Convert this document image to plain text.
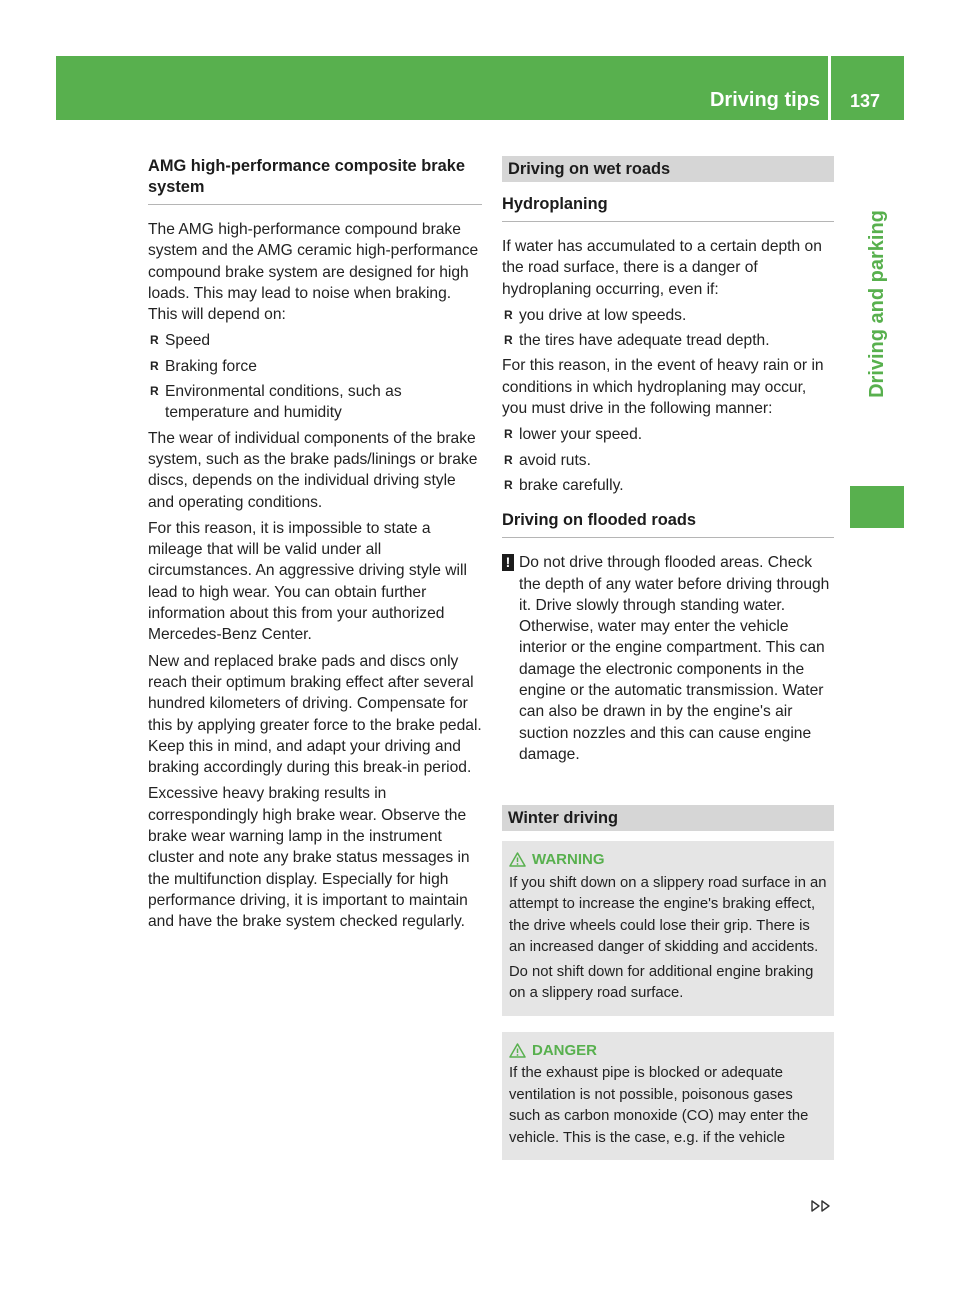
Driving tips 137
Driving and parking
AMG high-performance composite brake system

The AMG high-performance compound brake system and the AMG ceramic high-performance compound brake system are designed for high loads. This may lead to noise when braking. This will depend on:

R Speed
R Braking force
R Environmental conditions, such as temperature and humidity

The wear of individual components of the brake system, such as the brake pads/linings or brake discs, depends on the individual driving style and operating conditions.

For this reason, it is impossible to state a mileage that will be valid under all circumstances. An aggressive driving style will lead to high wear. You can obtain further information about this from your authorized Mercedes-Benz Center.

New and replaced brake pads and discs only reach their optimum braking effect after several hundred kilometers of driving. Compensate for this by applying greater force to the brake pedal. Keep this in mind, and adapt your driving and braking accordingly during this break-in period.

Excessive heavy braking results in correspondingly high brake wear. Observe the brake wear warning lamp in the instrument cluster and note any brake status messages in the multifunction display. Especially for high performance driving, it is important to maintain and have the brake system checked regularly.

Driving on wet roads
Hydroplaning

If water has accumulated to a certain depth on the road surface, there is a danger of hydroplaning occurring, even if:

R you drive at low speeds.
R the tires have adequate tread depth.

For this reason, in the event of heavy rain or in conditions in which hydroplaning may occur, you must drive in the following manner:

R lower your speed.
R avoid ruts.
R brake carefully.
Driving on flooded roads
! Do not drive through flooded areas. Check the depth of any water before driving through it. Drive slowly through standing water. Otherwise, water may enter the vehicle interior or the engine compartment. This can damage the electronic components in the engine or the automatic transmission. Water can also be drawn in by the engine's air suction nozzles and this can cause engine damage.
Winter driving
WARNING

If you shift down on a slippery road surface in an attempt to increase the engine's braking effect, the drive wheels could lose their grip. There is an increased danger of skidding and accidents.

Do not shift down for additional engine braking on a slippery road surface.

DANGER

If the exhaust pipe is blocked or adequate ventilation is not possible, poisonous gases such as carbon monoxide (CO) may enter the vehicle. This is the case, e.g. if the vehicle
